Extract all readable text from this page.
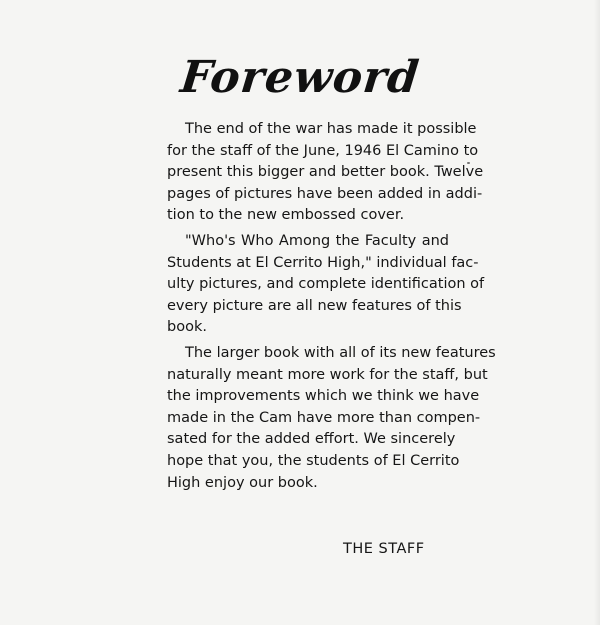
Foreword

The end of the war has made it possible
for the staff of the June, 1946 El Camino to
present this bigger and better book. Twelve
pages of pictures have been added in addi-
tion to the new embossed cover.

"Who's Who Among the Faculty and
Students at El Cerrito High," individual fac-
ulty pictures, and complete identification of
every picture are all new features of this
book.

The larger book with all of its new features
naturally meant more work for the staff, but
the improvements which we think we have
made in the Cam have more than compen-
sated for the added effort. We sincerely
hope that you, the students of El Cerrito
High enjoy our book.

THE STAFF
